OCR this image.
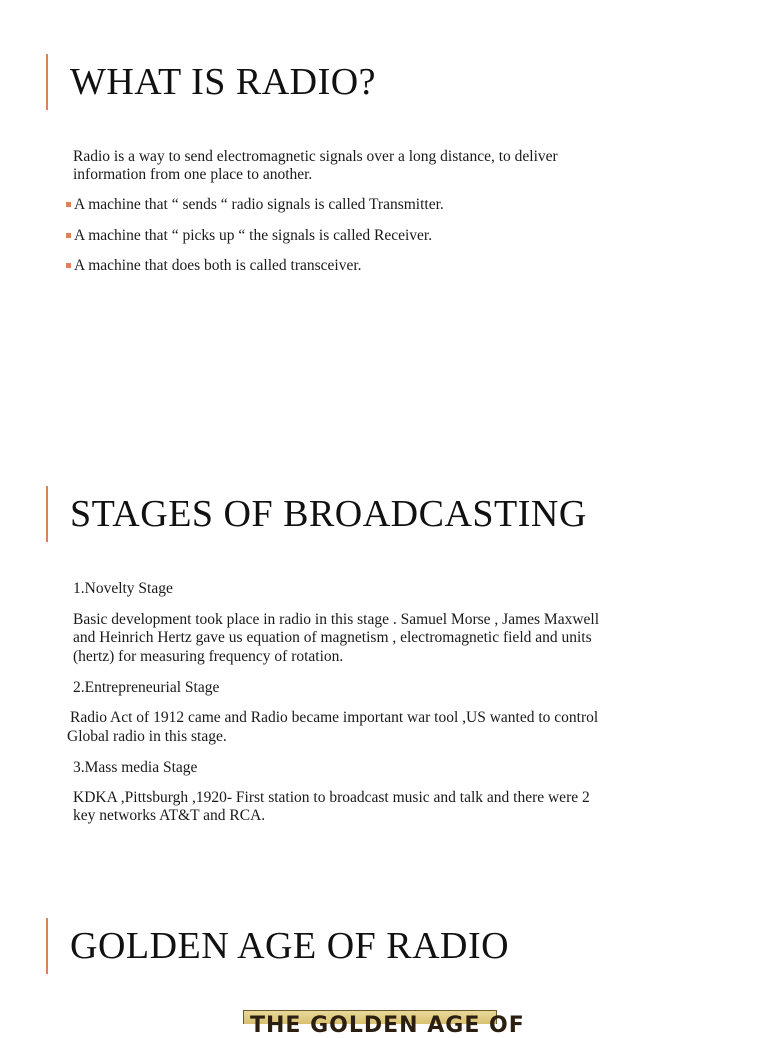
WHAT IS RADIO?

Radio is a way to send electromagnetic signals over a long distance, to deliver

information from one place to another.

A machine that “ sends “ radio signals is called Transmitter.
A machine that “ picks up “ the signals is called Receiver.
A machine that does both is called transceiver.
STAGES OF BROADCASTING

1.Novelty Stage

Basic development took place in radio in this stage . Samuel Morse , James Maxwell

and Heinrich Hertz gave us equation of magnetism , electromagnetic field and units

(hertz) for measuring frequency of rotation.

2.Entrepreneurial Stage

Radio Act of 1912 came and Radio became important war tool ,US wanted to control

Global radio in this stage.

3.Mass media Stage

KDKA ,Pittsburgh ,1920- First station to broadcast music and talk and there were 2

key networks AT&T and RCA.

GOLDEN AGE OF RADIO
THE GOLDEN AGE OF
